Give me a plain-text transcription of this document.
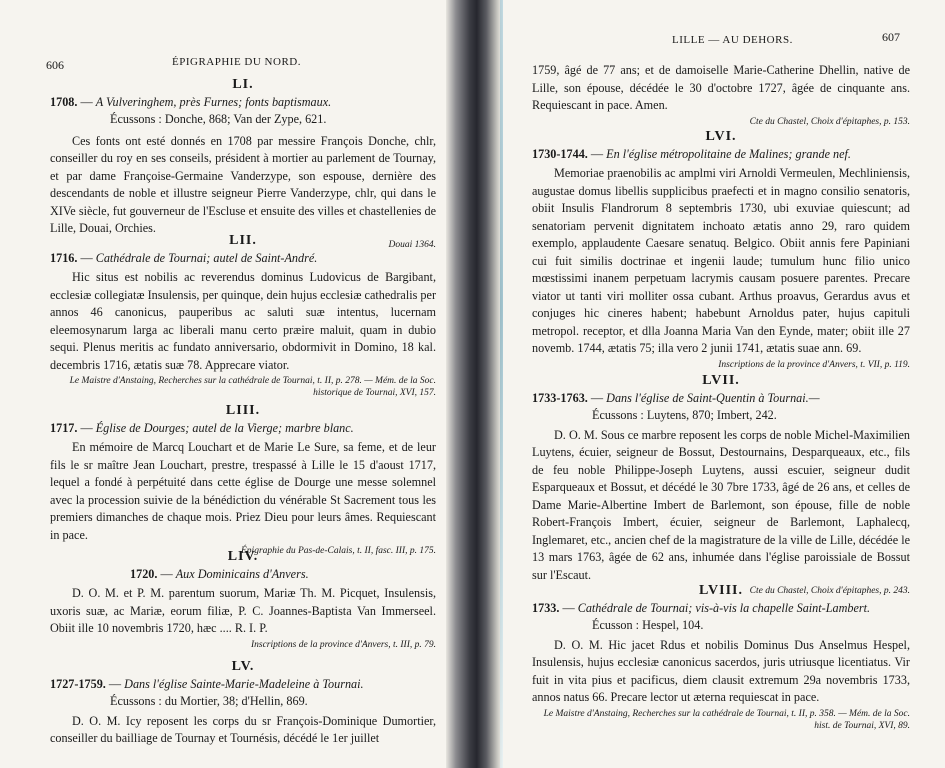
606	ÉPIGRAPHIE DU NORD.
LI.
1708. — A Vulveringhem, près Furnes; fonts baptismaux.
Écussons : Donche, 868; Van der Zype, 621.
Ces fonts ont esté donnés en 1708 par messire François Donche, chlr, conseiller du roy en ses conseils, président à mortier au parlement de Tournay, et par dame Françoise-Germaine Vanderzype, son espouse, dernière des descendants de noble et illustre seigneur Pierre Vanderzype, chlr, qui dans le XIVe siècle, fut gouverneur de l'Escluse et ensuite des villes et chastellenies de Lille, Douai, Orchies.
Douai 1364.
LII.
1716. — Cathédrale de Tournai; autel de Saint-André.
Hic situs est nobilis ac reverendus dominus Ludovicus de Bargibant, ecclesiæ collegiatæ Insulensis, per quinque, dein hujus ecclesiæ cathedralis per annos 46 canonicus, pauperibus ac saluti suæ intentus, lucernam eleemosynarum larga ac liberali manu certo præire maluit, quam in dubio sequi. Plenus meritis ac fundato anniversario, obdormivit in Domino, 18 kal. decembris 1716, ætatis suæ 78. Apprecare viator.
Le Maistre d'Anstaing, Recherches sur la cathédrale de Tournai, t. II, p. 278. — Mém. de la Soc. historique de Tournai, XVI, 157.
LIII.
1717. — Église de Dourges; autel de la Vierge; marbre blanc.
En mémoire de Marcq Louchart et de Marie Le Sure, sa feme, et de leur fils le sr maître Jean Louchart, prestre, trespassé à Lille le 15 d'aoust 1717, lequel a fondé à perpétuité dans cette église de Dourge une messe solemnel avec la procession suivie de la bénédiction du vénérable St Sacrement tous les premiers dimanches de chaque mois. Priez Dieu pour leurs âmes. Requiescant in pace.
Épigraphie du Pas-de-Calais, t. II, fasc. III, p. 175.
LIV.
1720. — Aux Dominicains d'Anvers.
D. O. M. et P. M. parentum suorum, Mariæ Th. M. Picquet, Insulensis, uxoris suæ, ac Mariæ, eorum filiæ, P. C. Joannes-Baptista Van Immerseel. Obiit ille 10 novembris 1720, hæc .... R. I. P.
Inscriptions de la province d'Anvers, t. III, p. 79.
LV.
1727-1759. — Dans l'église Sainte-Marie-Madeleine à Tournai.
Écussons : du Mortier, 38; d'Hellin, 869.
D. O. M. Icy reposent les corps du sr François-Dominique Dumortier, conseiller du bailliage de Tournay et Tournésis, décédé le 1er juillet
LILLE — AU DEHORS.	607
1759, âgé de 77 ans; et de damoiselle Marie-Catherine Dhellin, native de Lille, son épouse, décédée le 30 d'octobre 1727, âgée de cinquante ans. Requiescant in pace. Amen.
Cte du Chastel, Choix d'épitaphes, p. 153.
LVI.
1730-1744. — En l'église métropolitaine de Malines; grande nef.
Memoriae praenobilis ac amplmi viri Arnoldi Vermeulen, Mechliniensis, augustae domus libellis supplicibus praefecti et in magno consilio senatoris, obiit Insulis Flandrorum 8 septembris 1730, ubi exuviae quiescunt; ad senatoriam pervenit dignitatem inchoato ætatis anno 29, raro quidem exemplo, applaudente Caesare senatuq. Belgico. Obiit annis fere Papiniani cui fuit similis doctrinae et ingenii laude; tumulum hunc filio unico mœstissimi inanem perpetuam lacrymis causam posuere parentes. Precare viator ut tanti viri molliter ossa cubant. Arthus proavus, Gerardus avus et conjuges hic cineres habent; habebunt Arnoldus pater, hujus capituli metropol. receptor, et dlla Joanna Maria Van den Eynde, mater; obiit ille 27 novemb. 1744, ætatis 75; illa vero 2 junii 1741, ætatis suae ann. 69.
Inscriptions de la province d'Anvers, t. VII, p. 119.
LVII.
1733-1763. — Dans l'église de Saint-Quentin à Tournai.—
Écussons : Luytens, 870; Imbert, 242.
D. O. M. Sous ce marbre reposent les corps de noble Michel-Maximilien Luytens, écuier, seigneur de Bossut, Destournains, Desparqueaux, etc., fils de feu noble Philippe-Joseph Luytens, aussi escuier, seigneur dudit Esparqueaux et Bossut, et décédé le 30 7bre 1733, âgé de 26 ans, et celles de Dame Marie-Albertine Imbert de Barlemont, son épouse, fille de noble Robert-François Imbert, écuier, seigneur de Barlemont, Laphalecq, Inglemaret, etc., ancien chef de la magistrature de la ville de Lille, décédée le 13 mars 1763, âgée de 62 ans, inhumée dans l'église paroissiale de Bossut sur l'Escaut.
Cte du Chastel, Choix d'épitaphes, p. 243.
LVIII.
1733. — Cathédrale de Tournai; vis-à-vis la chapelle Saint-Lambert.
Écusson : Hespel, 104.
D. O. M. Hic jacet Rdus et nobilis Dominus Dus Anselmus Hespel, Insulensis, hujus ecclesiæ canonicus sacerdos, juris utriusque licentiatus. Vir fuit in vita pius et pacificus, diem clausit extremum 29a novembris 1733, annos natus 66. Precare lector ut æterna requiescat in pace.
Le Maistre d'Anstaing, Recherches sur la cathédrale de Tournai, t. II, p. 358. — Mém. de la Soc. hist. de Tournai, XVI, 89.
